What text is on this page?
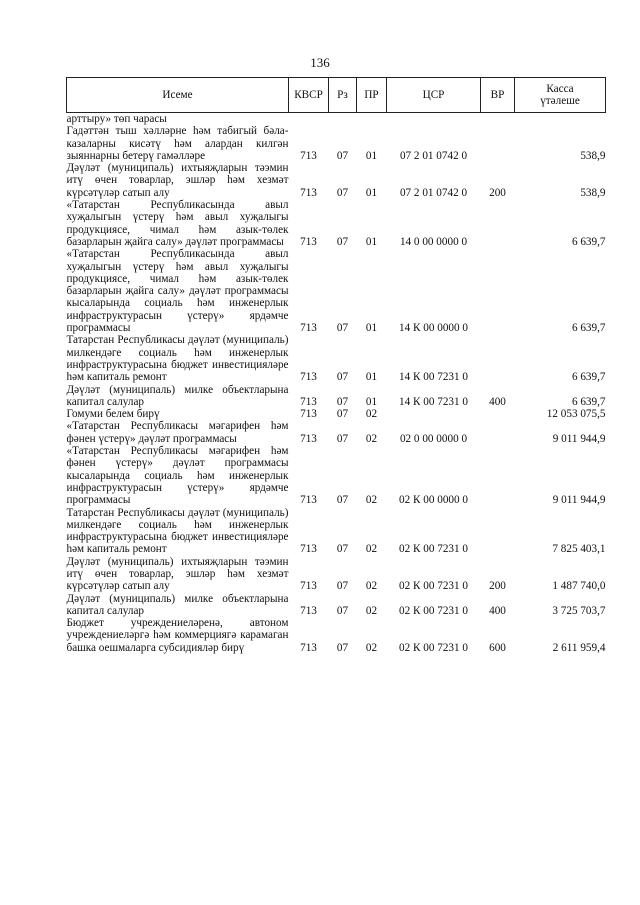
136
Исеме	КВСР	Рз	ПР	ЦСР	ВР	Касса
үтәлеше

арттыру» төп чарасы						
Гадәттән тыш хәлләрне һәм табигый бәла-казаларны кисәтү һәм алардан килгән зыяннарны бетерү гамәлләре	713	07	01	07 2 01 0742 0		538,9
Дәүләт (муниципаль) ихтыяҗларын тәэмин итү өчен товарлар, эшләр һәм хезмәт күрсәтүләр сатып алу	713	07	01	07 2 01 0742 0	200	538,9
«Татарстан Республикасында авыл хуҗалыгын үстерү һәм авыл хуҗалыгы продукциясе, чимал һәм азык-төлек базарларын җайга салу» дәүләт программасы	713	07	01	14 0 00 0000 0		6 639,7
«Татарстан Республикасында авыл хуҗалыгын үстерү һәм авыл хуҗалыгы продукциясе, чимал һәм азык-төлек базарларын җайга салу» дәүләт программасы кысаларында социаль һәм инженерлык инфраструктурасын үстерү» ярдәмче программасы	713	07	01	14 К 00 0000 0		6 639,7
Татарстан Республикасы дәүләт (муниципаль) милкендәге социаль һәм инженерлык инфраструктурасына бюджет инвестицияләре һәм капиталь ремонт	713	07	01	14 К 00 7231 0		6 639,7
Дәүләт (муниципаль) милке объектларына капитал салулар	713	07	01	14 К 00 7231 0	400	6 639,7
Гомуми белем бирү	713	07	02			12 053 075,5
«Татарстан Республикасы мәгарифен һәм фәнен үстерү» дәүләт программасы	713	07	02	02 0 00 0000 0		9 011 944,9
«Татарстан Республикасы мәгарифен һәм фәнен үстерү» дәүләт программасы кысаларында социаль һәм инженерлык инфраструктурасын үстерү» ярдәмче программасы	713	07	02	02 К 00 0000 0		9 011 944,9
Татарстан Республикасы дәүләт (муниципаль) милкендәге социаль һәм инженерлык инфраструктурасына бюджет инвестицияләре һәм капиталь ремонт	713	07	02	02 К 00 7231 0		7 825 403,1
Дәүләт (муниципаль) ихтыяҗларын тәэмин итү өчен товарлар, эшләр һәм хезмәт күрсәтүләр сатып алу	713	07	02	02 К 00 7231 0	200	1 487 740,0
Дәүләт (муниципаль) милке объектларына капитал салулар	713	07	02	02 К 00 7231 0	400	3 725 703,7
Бюджет учреждениеләренә, автоном учреждениеләргә һәм коммерциягә карамаган башка оешмаларга субсидияләр бирү	713	07	02	02 К 00 7231 0	600	2 611 959,4
